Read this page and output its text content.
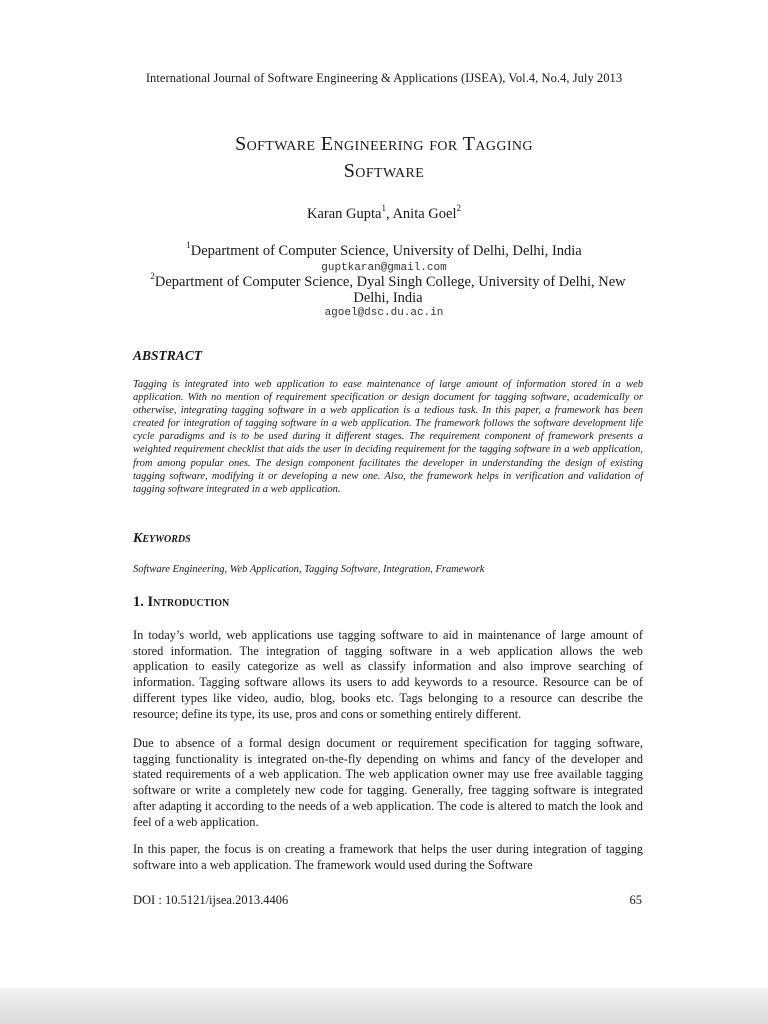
International Journal of Software Engineering & Applications (IJSEA), Vol.4, No.4, July 2013
Software Engineering for Tagging
Software
Karan Gupta$^1$, Anita Goel$^2$
$^1$Department of Computer Science, University of Delhi, Delhi, India
guptkaran@gmail.com
$^2$Department of Computer Science, Dyal Singh College, University of Delhi, New Delhi, India
agoel@dsc.du.ac.in
ABSTRACT
Tagging is integrated into web application to ease maintenance of large amount of information stored in a web application. With no mention of requirement specification or design document for tagging software, academically or otherwise, integrating tagging software in a web application is a tedious task. In this paper, a framework has been created for integration of tagging software in a web application. The framework follows the software development life cycle paradigms and is to be used during it different stages. The requirement component of framework presents a weighted requirement checklist that aids the user in deciding requirement for the tagging software in a web application, from among popular ones. The design component facilitates the developer in understanding the design of existing tagging software, modifying it or developing a new one. Also, the framework helps in verification and validation of tagging software integrated in a web application.
Keywords
Software Engineering, Web Application, Tagging Software, Integration, Framework
1. Introduction
In today’s world, web applications use tagging software to aid in maintenance of large amount of stored information. The integration of tagging software in a web application allows the web application to easily categorize as well as classify information and also improve searching of information. Tagging software allows its users to add keywords to a resource. Resource can be of different types like video, audio, blog, books etc. Tags belonging to a resource can describe the resource; define its type, its use, pros and cons or something entirely different.
Due to absence of a formal design document or requirement specification for tagging software, tagging functionality is integrated on-the-fly depending on whims and fancy of the developer and stated requirements of a web application. The web application owner may use free available tagging software or write a completely new code for tagging. Generally, free tagging software is integrated after adapting it according to the needs of a web application. The code is altered to match the look and feel of a web application.
In this paper, the focus is on creating a framework that helps the user during integration of tagging software into a web application. The framework would used during the Software
DOI : 10.5121/ijsea.2013.4406	65
